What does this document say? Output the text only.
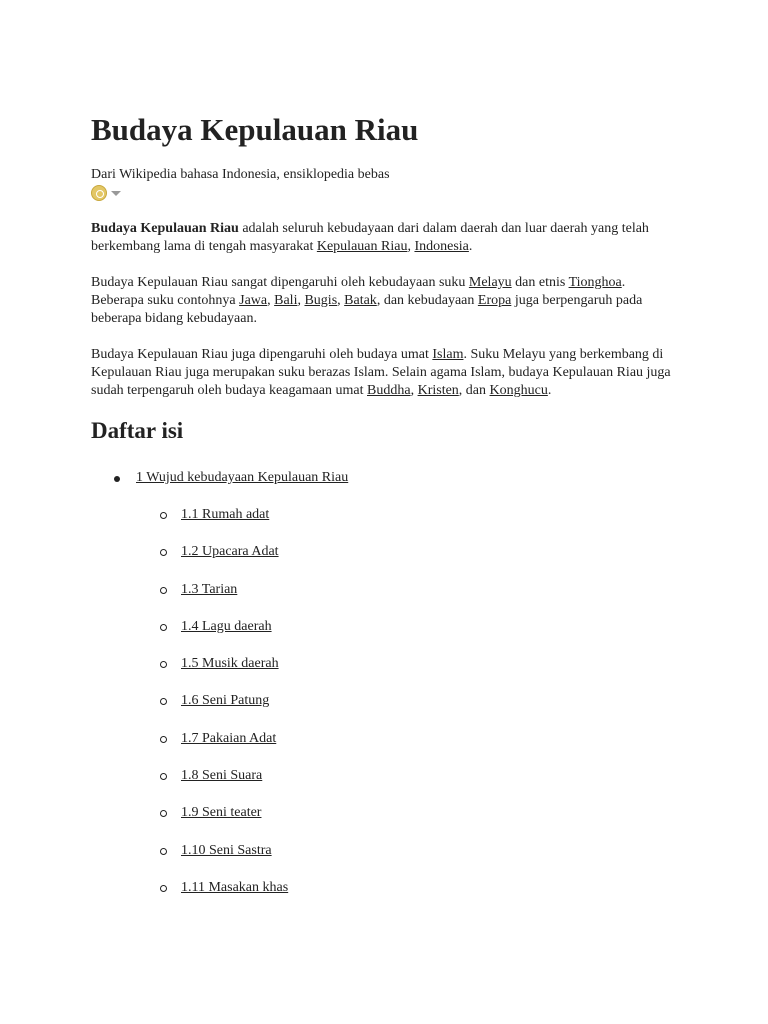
Budaya Kepulauan Riau
Dari Wikipedia bahasa Indonesia, ensiklopedia bebas

Budaya Kepulauan Riau adalah seluruh kebudayaan dari dalam daerah dan luar daerah yang telah berkembang lama di tengah masyarakat Kepulauan Riau, Indonesia.

Budaya Kepulauan Riau sangat dipengaruhi oleh kebudayaan suku Melayu dan etnis Tionghoa. Beberapa suku contohnya Jawa, Bali, Bugis, Batak, dan kebudayaan Eropa juga berpengaruh pada beberapa bidang kebudayaan.

Budaya Kepulauan Riau juga dipengaruhi oleh budaya umat Islam. Suku Melayu yang berkembang di Kepulauan Riau juga merupakan suku berazas Islam. Selain agama Islam, budaya Kepulauan Riau juga sudah terpengaruh oleh budaya keagamaan umat Buddha, Kristen, dan Konghucu.

Daftar isi
1 Wujud kebudayaan Kepulauan Riau
1.1 Rumah adat
1.2 Upacara Adat
1.3 Tarian
1.4 Lagu daerah
1.5 Musik daerah
1.6 Seni Patung
1.7 Pakaian Adat
1.8 Seni Suara
1.9 Seni teater
1.10 Seni Sastra
1.11 Masakan khas
